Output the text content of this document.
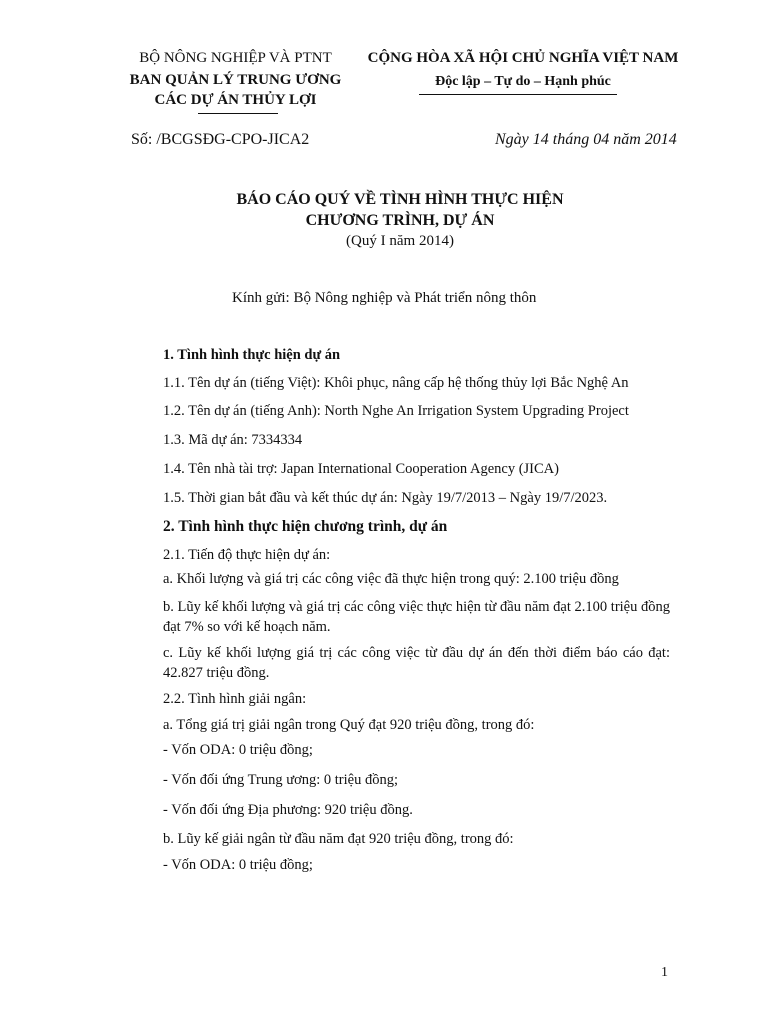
BỘ NÔNG NGHIỆP VÀ PTNT
BAN QUẢN LÝ TRUNG ƯƠNG
CÁC DỰ ÁN THỦY LỢI
CỘNG HÒA XÃ HỘI CHỦ NGHĨA VIỆT NAM
Độc lập – Tự do – Hạnh phúc
Số: /BCGSĐG-CPO-JICA2	Ngày 14 tháng 04 năm 2014
BÁO CÁO QUÝ VỀ TÌNH HÌNH THỰC HIỆN
CHƯƠNG TRÌNH, DỰ ÁN
(Quý I năm 2014)
Kính gửi: Bộ Nông nghiệp và Phát triển nông thôn
1. Tình hình thực hiện dự án
1.1. Tên dự án (tiếng Việt): Khôi phục, nâng cấp hệ thống thủy lợi Bắc Nghệ An
1.2. Tên dự án (tiếng Anh): North Nghe An Irrigation System Upgrading Project
1.3. Mã dự án: 7334334
1.4. Tên nhà tài trợ: Japan International Cooperation Agency (JICA)
1.5. Thời gian bắt đầu và kết thúc dự án: Ngày 19/7/2013 – Ngày 19/7/2023.
2. Tình hình thực hiện chương trình, dự án
2.1. Tiến độ thực hiện dự án:
a. Khối lượng và giá trị các công việc đã thực hiện trong quý: 2.100 triệu đồng
b. Lũy kế khối lượng và giá trị các công việc thực hiện từ đầu năm đạt 2.100 triệu đồng đạt 7% so với kế hoạch năm.
c. Lũy kế khối lượng giá trị các công việc từ đầu dự án đến thời điểm báo cáo đạt: 42.827 triệu đồng.
2.2. Tình hình giải ngân:
a. Tổng giá trị giải ngân trong Quý đạt 920 triệu đồng, trong đó:
- Vốn ODA: 0 triệu đồng;
- Vốn đối ứng Trung ương: 0 triệu đồng;
- Vốn đối ứng Địa phương: 920 triệu đồng.
b. Lũy kế giải ngân từ đầu năm đạt 920 triệu đồng, trong đó:
- Vốn ODA: 0 triệu đồng;
1
